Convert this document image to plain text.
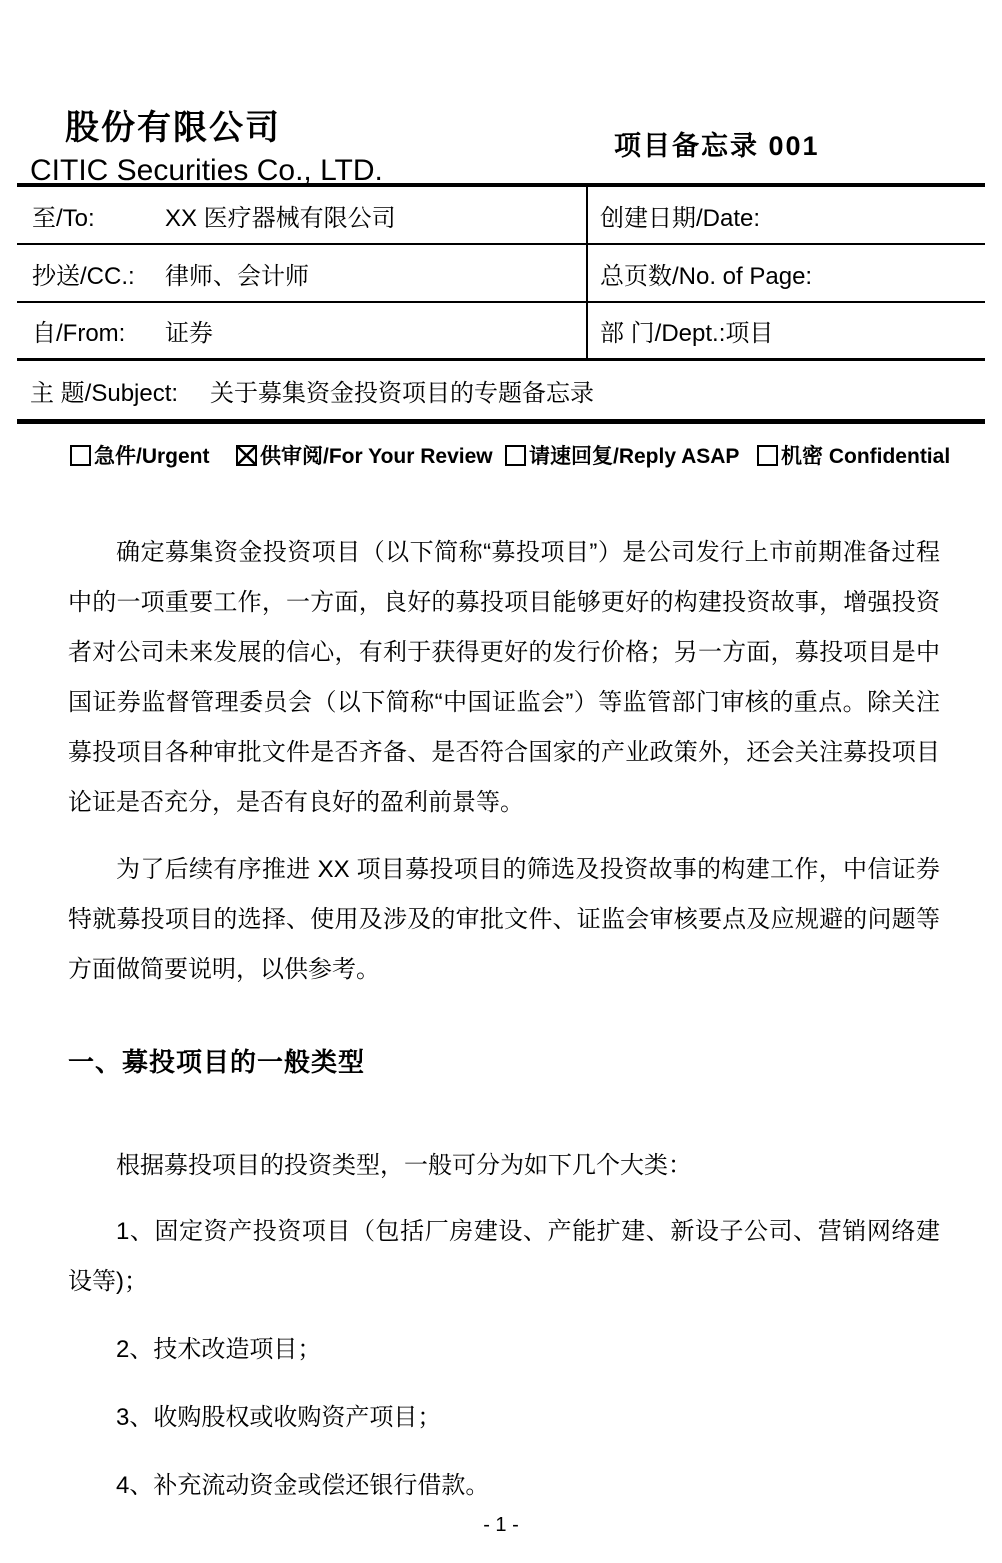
股份有限公司
CITIC Securities Co., LTD.
项目备忘录 001
至/To:	XX 医疗器械有限公司	创建日期/Date:
抄送/CC.:	律师、会计师	总页数/No. of Page:
自/From:	证券	部 门/Dept.: 项目
主 题/Subject:	关于募集资金投资项目的专题备忘录
急件/Urgent 供审阅/For Your Review 请速回复/Reply ASAP 机密 Confidential

确定募集资金投资项目（以下简称“募投项目”）是公司发行上市前期准备过程中的一项重要工作，一方面，良好的募投项目能够更好的构建投资故事，增强投资者对公司未来发展的信心，有利于获得更好的发行价格；另一方面，募投项目是中国证券监督管理委员会（以下简称“中国证监会”）等监管部门审核的重点。除关注募投项目各种审批文件是否齐备、是否符合国家的产业政策外，还会关注募投项目论证是否充分，是否有良好的盈利前景等。

为了后续有序推进 XX 项目募投项目的筛选及投资故事的构建工作，中信证券特就募投项目的选择、使用及涉及的审批文件、证监会审核要点及应规避的问题等方面做简要说明，以供参考。

一、募投项目的一般类型

根据募投项目的投资类型，一般可分为如下几个大类：

1、固定资产投资项目（包括厂房建设、产能扩建、新设子公司、营销网络建设等)；

2、技术改造项目；

3、收购股权或收购资产项目；

4、补充流动资金或偿还银行借款。

- 1 -
